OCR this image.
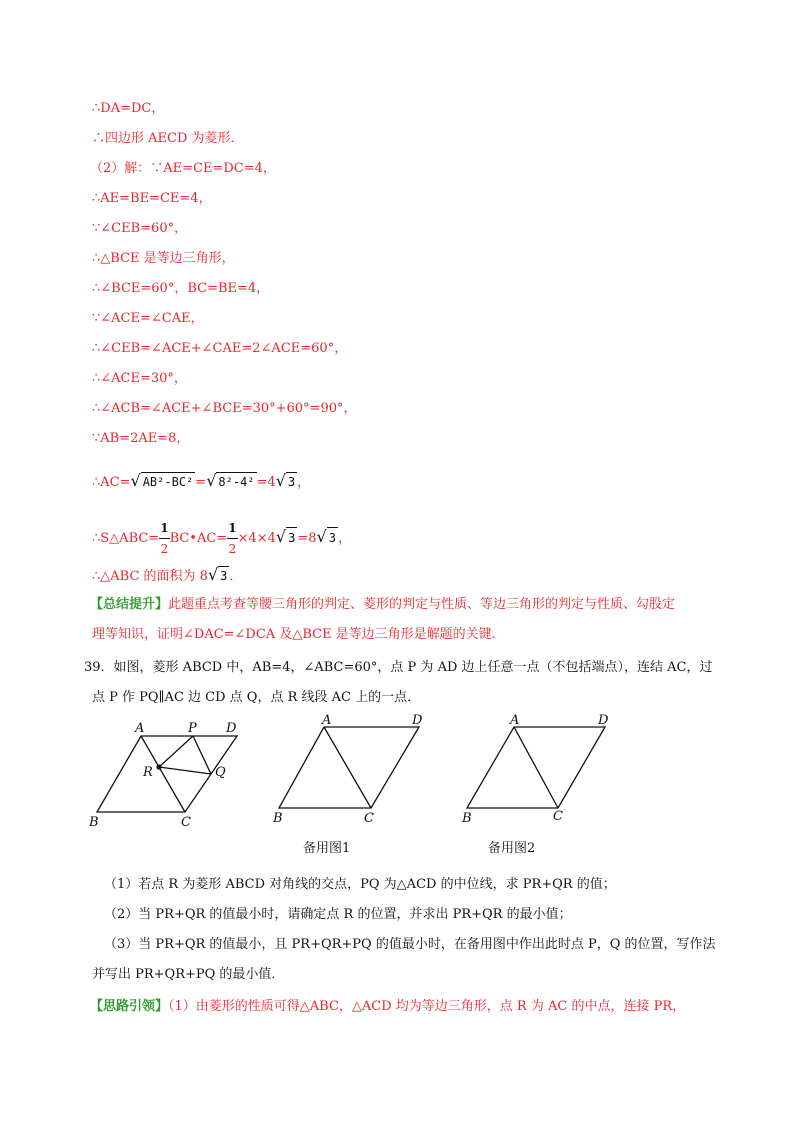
∴DA=DC，
∴四边形 AECD 为菱形．
（2）解：∵AE=CE=DC=4，
∴AE=BE=CE=4，
∵∠CEB=60°，
∴△BCE 是等边三角形，
∴∠BCE=60°，BC=BE=4，
∵∠ACE=∠CAE，
∴∠CEB=∠ACE+∠CAE=2∠ACE=60°，
∴∠ACE=30°，
∴∠ACB=∠ACE+∠BCE=30°+60°=90°，
∵AB=2AE=8，
∴AC=√ AB²-BC² =√ 8²-4² =4√ 3 ，
∴S△ABC= $\frac{1}{2}$ BC•AC= $\frac{1}{2} \times 4\times 4√$ 3 =8√ 3 ，
∴△ABC 的面积为 8√ 3 ．
【总结提升】此题重点考查等腰三角形的判定、菱形的判定与性质、等边三角形的判定与性质、勾股定
理等知识，证明∠DAC=∠DCA 及△BCE 是等边三角形是解题的关键．
39．如图，菱形 ABCD 中，AB=4，∠ABC=60°，点 P 为 AD 边上任意一点（不包括端点），连结 AC，过
点 P 作 PQ∥AC 边 CD 点 Q，点 R 线段 AC 上的一点．
A	P D
R	Q
B	C
A	D
B	C
A	D
B	C
备用图1	备用图2
（1）若点 R 为菱形 ABCD 对角线的交点，PQ 为△ACD 的中位线，求 PR+QR 的值；
（2）当 PR+QR 的值最小时，请确定点 R 的位置，并求出 PR+QR 的最小值；
（3）当 PR+QR 的值最小，且 PR+QR+PQ 的值最小时，在备用图中作出此时点 P，Q 的位置，写作法
并写出 PR+QR+PQ 的最小值．
【思路引领】（1）由菱形的性质可得△ABC，△ACD 均为等边三角形，点 R 为 AC 的中点，连接 PR，
